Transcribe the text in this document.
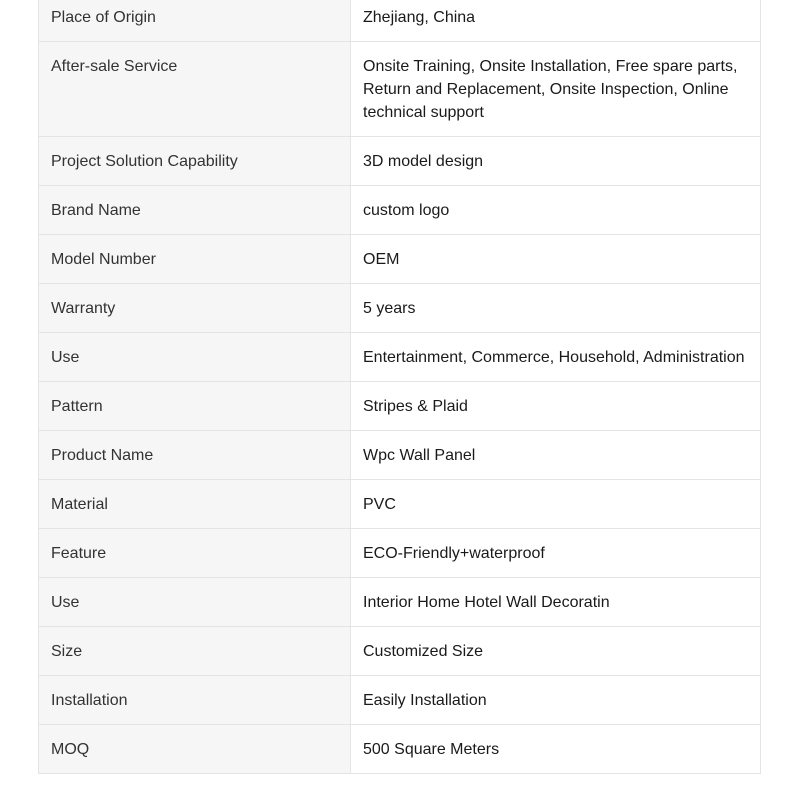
Place of Origin	Zhejiang, China
After-sale Service	Onsite Training, Onsite Installation, Free spare parts, Return and Replacement, Onsite Inspection, Online technical support
Project Solution Capability	3D model design
Brand Name	custom logo
Model Number	OEM
Warranty	5 years
Use	Entertainment, Commerce, Household, Administration
Pattern	Stripes & Plaid
Product Name	Wpc Wall Panel
Material	PVC
Feature	ECO-Friendly+waterproof
Use	Interior Home Hotel Wall Decoratin
Size	Customized Size
Installation	Easily Installation
MOQ	500 Square Meters
